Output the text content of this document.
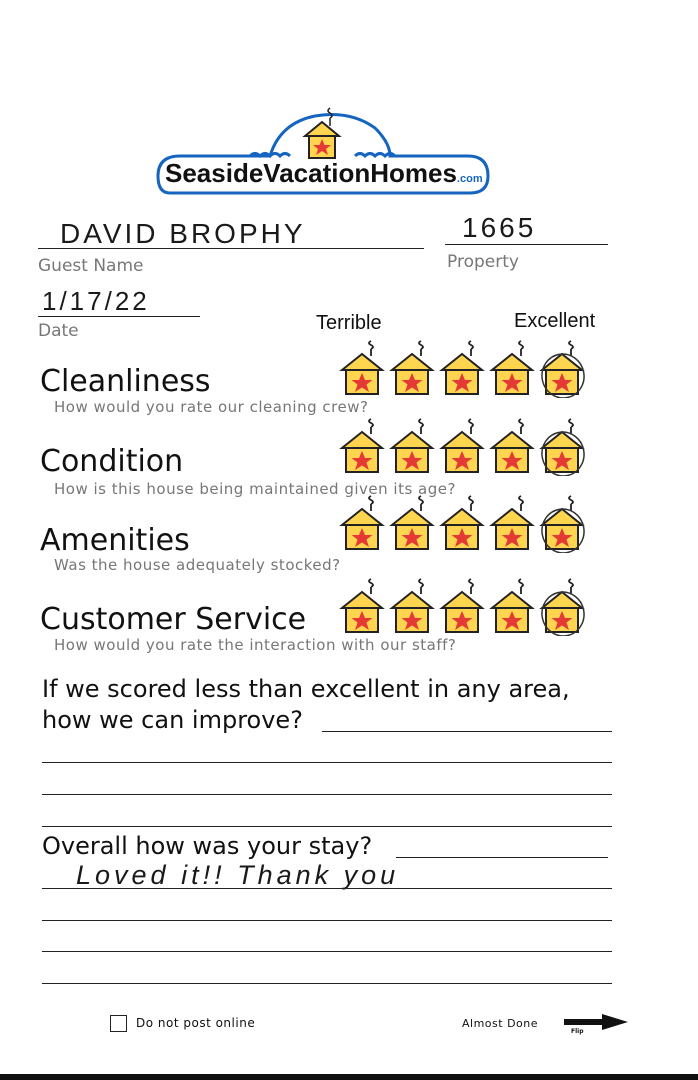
SeasideVacationHomes.com
DAVID BROPHY
Guest Name
1665
Property
1/17/22
Date	Terrible	Excellent
Cleanliness
How would you rate our cleaning crew?
Condition
How is this house being maintained given its age?
Amenities
Was the house adequately stocked?
Customer Service
How would you rate the interaction with our staff?
If we scored less than excellent in any area,
how we can improve?
Overall how was your stay?
Loved it!! Thank you
Do not post online	Almost Done
Flip
